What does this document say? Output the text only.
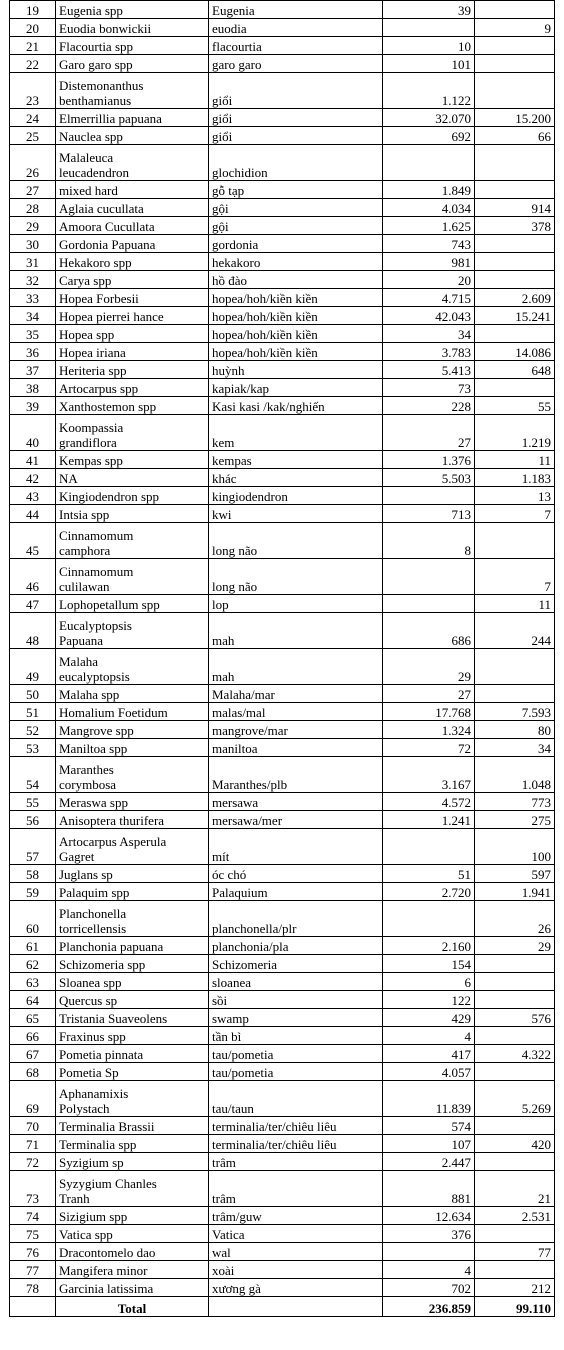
19	Eugenia spp	Eugenia	39	
20	Euodia bonwickii	euodia		9
21	Flacourtia spp	flacourtia	10	
22	Garo garo spp	garo garo	101	
23	Distemonanthus
benthamianus	giổi	1.122	
24	Elmerrillia papuana	giổi	32.070	15.200
25	Nauclea spp	giổi	692	66
26	Malaleuca
leucadendron	glochidion		
27	mixed hard	gỗ tạp	1.849	
28	Aglaia cucullata	gội	4.034	914
29	Amoora Cucullata	gội	1.625	378
30	Gordonia Papuana	gordonia	743	
31	Hekakoro spp	hekakoro	981	
32	Carya spp	hồ đào	20	
33	Hopea Forbesii	hopea/hoh/kiền kiền	4.715	2.609
34	Hopea pierrei hance	hopea/hoh/kiền kiền	42.043	15.241
35	Hopea spp	hopea/hoh/kiền kiền	34	
36	Hopea iriana	hopea/hoh/kiền kiền	3.783	14.086
37	Heriteria spp	huỳnh	5.413	648
38	Artocarpus spp	kapiak/kap	73	
39	Xanthostemon spp	Kasi kasi /kak/nghiến	228	55
40	Koompassia
grandiflora	kem	27	1.219
41	Kempas spp	kempas	1.376	11
42	NA	khác	5.503	1.183
43	Kingiodendron spp	kingiodendron		13
44	Intsia spp	kwi	713	7
45	Cinnamomum
camphora	long não	8	
46	Cinnamomum
culilawan	long não		7
47	Lophopetallum spp	lop		11
48	Eucalyptopsis
Papuana	mah	686	244
49	Malaha
eucalyptopsis	mah	29	
50	Malaha spp	Malaha/mar	27	
51	Homalium Foetidum	malas/mal	17.768	7.593
52	Mangrove spp	mangrove/mar	1.324	80
53	Maniltoa spp	maniltoa	72	34
54	Maranthes
corymbosa	Maranthes/plb	3.167	1.048
55	Meraswa spp	mersawa	4.572	773
56	Anisoptera thurifera	mersawa/mer	1.241	275
57	Artocarpus Asperula
Gagret	mít		100
58	Juglans sp	óc chó	51	597
59	Palaquim spp	Palaquium	2.720	1.941
60	Planchonella
torricellensis	planchonella/plr		26
61	Planchonia papuana	planchonia/pla	2.160	29
62	Schizomeria spp	Schizomeria	154	
63	Sloanea spp	sloanea	6	
64	Quercus sp	sồi	122	
65	Tristania Suaveolens	swamp	429	576
66	Fraxinus spp	tần bì	4	
67	Pometia pinnata	tau/pometia	417	4.322
68	Pometia Sp	tau/pometia	4.057	
69	Aphanamixis
Polystach	tau/taun	11.839	5.269
70	Terminalia Brassii	terminalia/ter/chiêu liêu	574	
71	Terminalia spp	terminalia/ter/chiêu liêu	107	420
72	Syzigium sp	trâm	2.447	
73	Syzygium Chanles
Tranh	trâm	881	21
74	Sizigium spp	trâm/guw	12.634	2.531
75	Vatica spp	Vatica	376	
76	Dracontomelo dao	wal		77
77	Mangifera minor	xoài	4	
78	Garcinia latissima	xương gà	702	212
	Total		236.859	99.110
